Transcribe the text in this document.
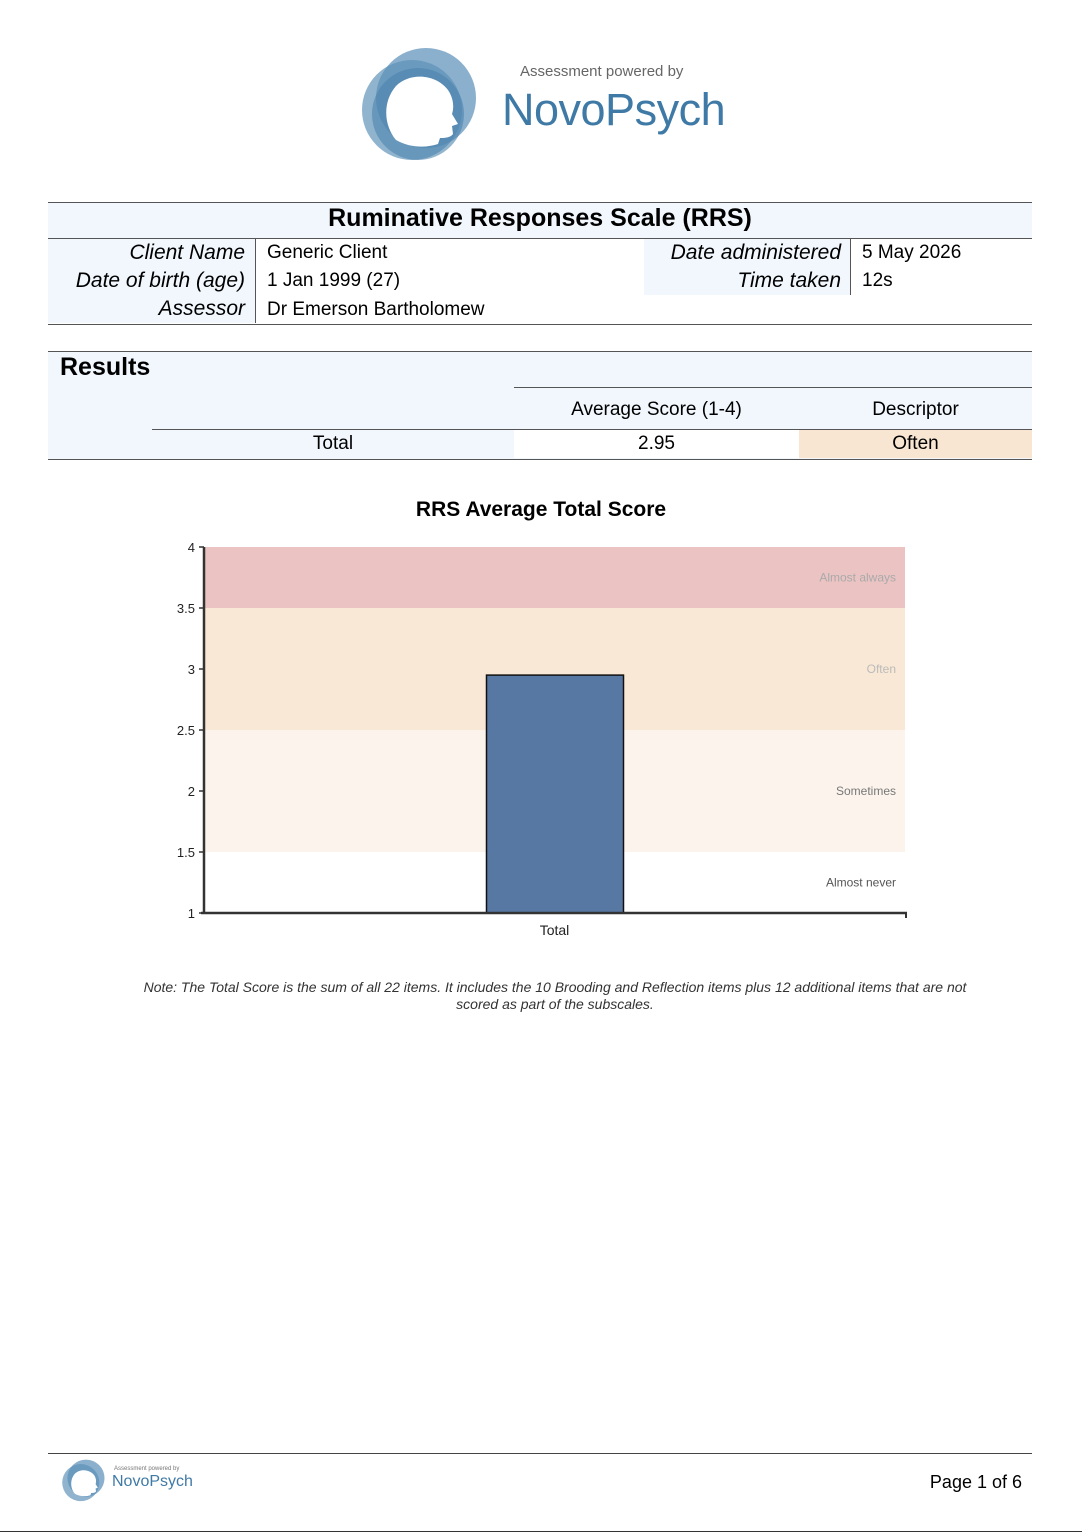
Assessment powered by
NovoPsych
Ruminative Responses Scale (RRS)
Client Name Generic Client
Date of birth (age) 1 Jan 1999 (27)
Assessor Dr Emerson Bartholomew
Date administered 5 May 2026
Time taken 12s
Results
Average Score (1-4)	Descriptor
Total	2.95	Often
RRS Average Total Score
Almost never
Sometimes
Often
Almost always
Total
1
1.5
2
2.5
3
3.5
4
Note: The Total Score is the sum of all 22 items. It includes the 10 Brooding and Reflection items plus 12 additional items that are not scored as part of the subscales.
Assessment powered by
NovoPsych	Page 1 of 6
